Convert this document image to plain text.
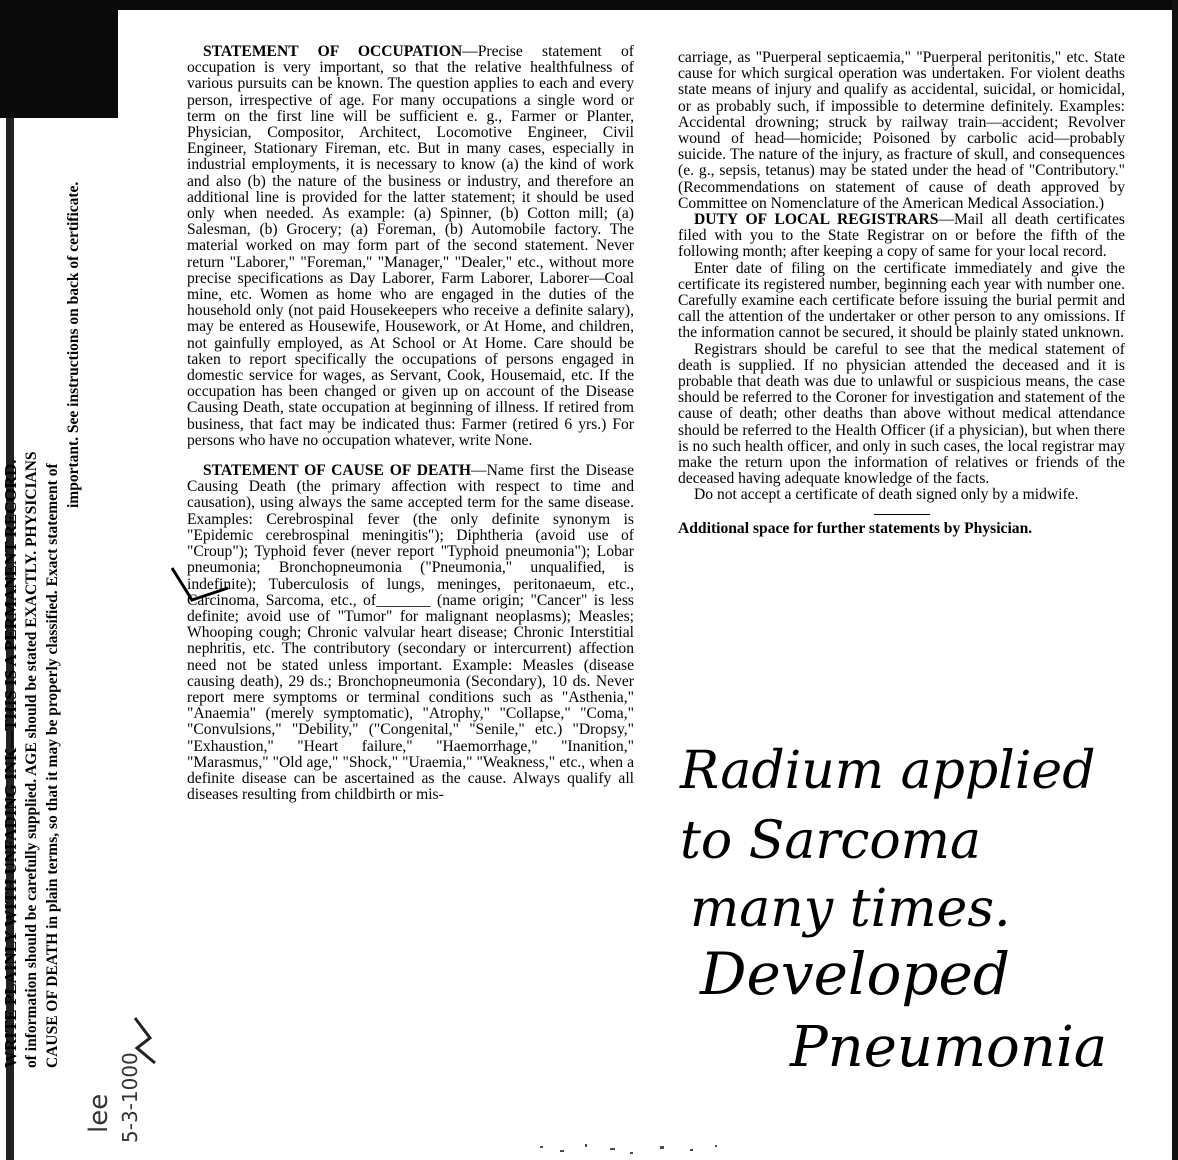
WRITE PLAINLY WITH UNFADING INK—THIS IS A PERMANENT RECORD. of information should be carefully supplied. AGE should be stated EXACTLY. PHYSICIANS CAUSE OF DEATH in plain terms, so that it may be properly classified. Exact statement of
important. See instructions on back of certificate.

STATEMENT OF OCCUPATION—Precise statement of occupation is very important, so that the relative healthfulness of various pursuits can be known. The question applies to each and every person, irrespective of age. For many occupations a single word or term on the first line will be sufficient e. g., Farmer or Planter, Physician, Compositor, Architect, Locomotive Engineer, Civil Engineer, Stationary Fireman, etc. But in many cases, especially in industrial employments, it is necessary to know (a) the kind of work and also (b) the nature of the business or industry, and therefore an additional line is provided for the latter statement; it should be used only when needed. As example: (a) Spinner, (b) Cotton mill; (a) Salesman, (b) Grocery; (a) Foreman, (b) Automobile factory. The material worked on may form part of the second statement. Never return "Laborer," "Foreman," "Manager," "Dealer," etc., without more precise specifications as Day Laborer, Farm Laborer, Laborer—Coal mine, etc. Women as home who are engaged in the duties of the household only (not paid Housekeepers who receive a definite salary), may be entered as Housewife, Housework, or At Home, and children, not gainfully employed, as At School or At Home. Care should be taken to report specifically the occupations of persons engaged in domestic service for wages, as Servant, Cook, Housemaid, etc. If the occupation has been changed or given up on account of the Disease Causing Death, state occupation at beginning of illness. If retired from business, that fact may be indicated thus: Farmer (retired 6 yrs.) For persons who have no occupation whatever, write None.

STATEMENT OF CAUSE OF DEATH—Name first the Disease Causing Death (the primary affection with respect to time and causation), using always the same accepted term for the same disease. Examples: Cerebrospinal fever (the only definite synonym is "Epidemic cerebrospinal meningitis"); Diphtheria (avoid use of "Croup"); Typhoid fever (never report "Typhoid pneumonia"); Lobar pneumonia; Bronchopneumonia ("Pneumonia," unqualified, is indefinite); Tuberculosis of lungs, meninges, peritonaeum, etc., Carcinoma, Sarcoma, etc., of_______ (name origin; "Cancer" is less definite; avoid use of "Tumor" for malignant neoplasms); Measles; Whooping cough; Chronic valvular heart disease; Chronic Interstitial nephritis, etc. The contributory (secondary or intercurrent) affection need not be stated unless important. Example: Measles (disease causing death), 29 ds.; Bronchopneumonia (Secondary), 10 ds. Never report mere symptoms or terminal conditions such as "Asthenia," "Anaemia" (merely symptomatic), "Atrophy," "Collapse," "Coma," "Convulsions," "Debility," ("Congenital," "Senile," etc.) "Dropsy," "Exhaustion," "Heart failure," "Haemorrhage," "Inanition," "Marasmus," "Old age," "Shock," "Uraemia," "Weakness," etc., when a definite disease can be ascertained as the cause. Always qualify all diseases resulting from childbirth or mis-

carriage, as "Puerperal septicaemia," "Puerperal peritonitis," etc. State cause for which surgical operation was undertaken. For violent deaths state means of injury and qualify as accidental, suicidal, or homicidal, or as probably such, if impossible to determine definitely. Examples: Accidental drowning; struck by railway train—accident; Revolver wound of head—homicide; Poisoned by carbolic acid—probably suicide. The nature of the injury, as fracture of skull, and consequences (e. g., sepsis, tetanus) may be stated under the head of "Contributory." (Recommendations on statement of cause of death approved by Committee on Nomenclature of the American Medical Association.)

DUTY OF LOCAL REGISTRARS—Mail all death certificates filed with you to the State Registrar on or before the fifth of the following month; after keeping a copy of same for your local record.

Enter date of filing on the certificate immediately and give the certificate its registered number, beginning each year with number one. Carefully examine each certificate before issuing the burial permit and call the attention of the undertaker or other person to any omissions. If the information cannot be secured, it should be plainly stated unknown.

Registrars should be careful to see that the medical statement of death is supplied. If no physician attended the deceased and it is probable that death was due to unlawful or suspicious means, the case should be referred to the Coroner for investigation and statement of the cause of death; other deaths than above without medical attendance should be referred to the Health Officer (if a physician), but when there is no such health officer, and only in such cases, the local registrar may make the return upon the information of relatives or friends of the deceased having adequate knowledge of the facts.

Do not accept a certificate of death signed only by a midwife.

Additional space for further statements by Physician.

Radium applied
to Sarcoma
many times.
Developed
Pneumonia
lee 5-3-1000
